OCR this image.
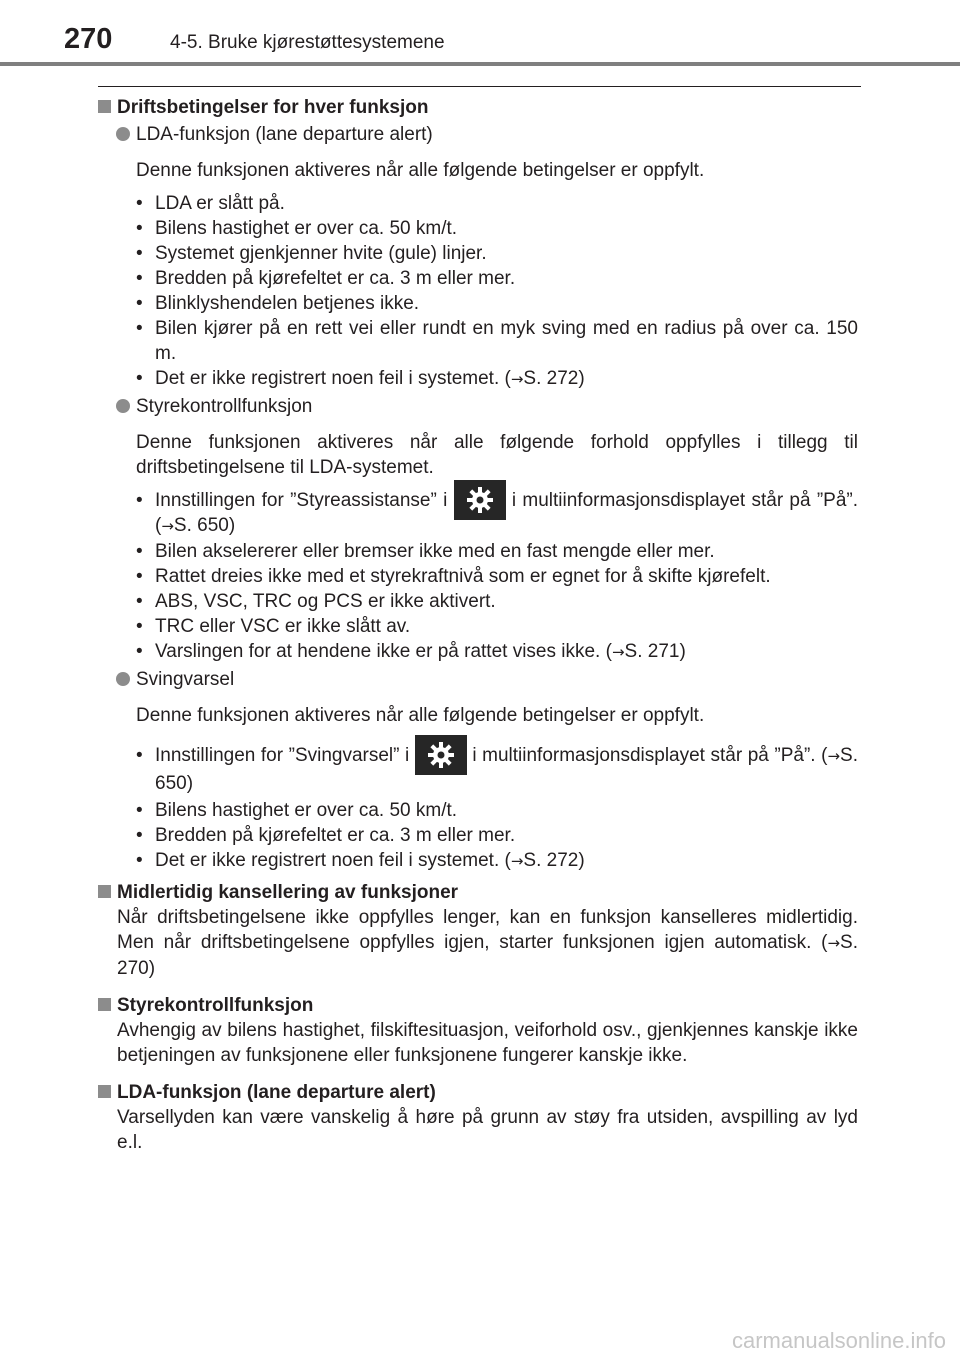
270	4-5. Bruke kjørestøttesystemene
Driftsbetingelser for hver funksjon
LDA-funksjon (lane departure alert)
Denne funksjonen aktiveres når alle følgende betingelser er oppfylt.
• LDA er slått på.
• Bilens hastighet er over ca. 50 km/t.
• Systemet gjenkjenner hvite (gule) linjer.
• Bredden på kjørefeltet er ca. 3 m eller mer.
• Blinklyshendelen betjenes ikke.
• Bilen kjører på en rett vei eller rundt en myk sving med en radius på over ca. 150 m.
• Det er ikke registrert noen feil i systemet. (→S. 272)
Styrekontrollfunksjon
Denne funksjonen aktiveres når alle følgende forhold oppfylles i tillegg til driftsbetingelsene til LDA-systemet.
• Innstillingen for ”Styreassistanse” i	i multiinformasjonsdisplayet står på ”På”. (→S. 650)
• Bilen akselererer eller bremser ikke med en fast mengde eller mer.
• Rattet dreies ikke med et styrekraftnivå som er egnet for å skifte kjørefelt.
• ABS, VSC, TRC og PCS er ikke aktivert.
• TRC eller VSC er ikke slått av.
• Varslingen for at hendene ikke er på rattet vises ikke. (→S. 271)
Svingvarsel
Denne funksjonen aktiveres når alle følgende betingelser er oppfylt.
• Innstillingen for ”Svingvarsel” i	i multiinformasjonsdisplayet står på ”På”. (→S. 650)
• Bilens hastighet er over ca. 50 km/t.
• Bredden på kjørefeltet er ca. 3 m eller mer.
• Det er ikke registrert noen feil i systemet. (→S. 272)
Midlertidig kansellering av funksjoner
Når driftsbetingelsene ikke oppfylles lenger, kan en funksjon kanselleres midlertidig. Men når driftsbetingelsene oppfylles igjen, starter funksjonen igjen automatisk. (→S. 270)
Styrekontrollfunksjon
Avhengig av bilens hastighet, filskiftesituasjon, veiforhold osv., gjenkjennes kanskje ikke betjeningen av funksjonene eller funksjonene fungerer kanskje ikke.
LDA-funksjon (lane departure alert)
Varsellyden kan være vanskelig å høre på grunn av støy fra utsiden, avspilling av lyd e.l.
carmanualsonline.info
